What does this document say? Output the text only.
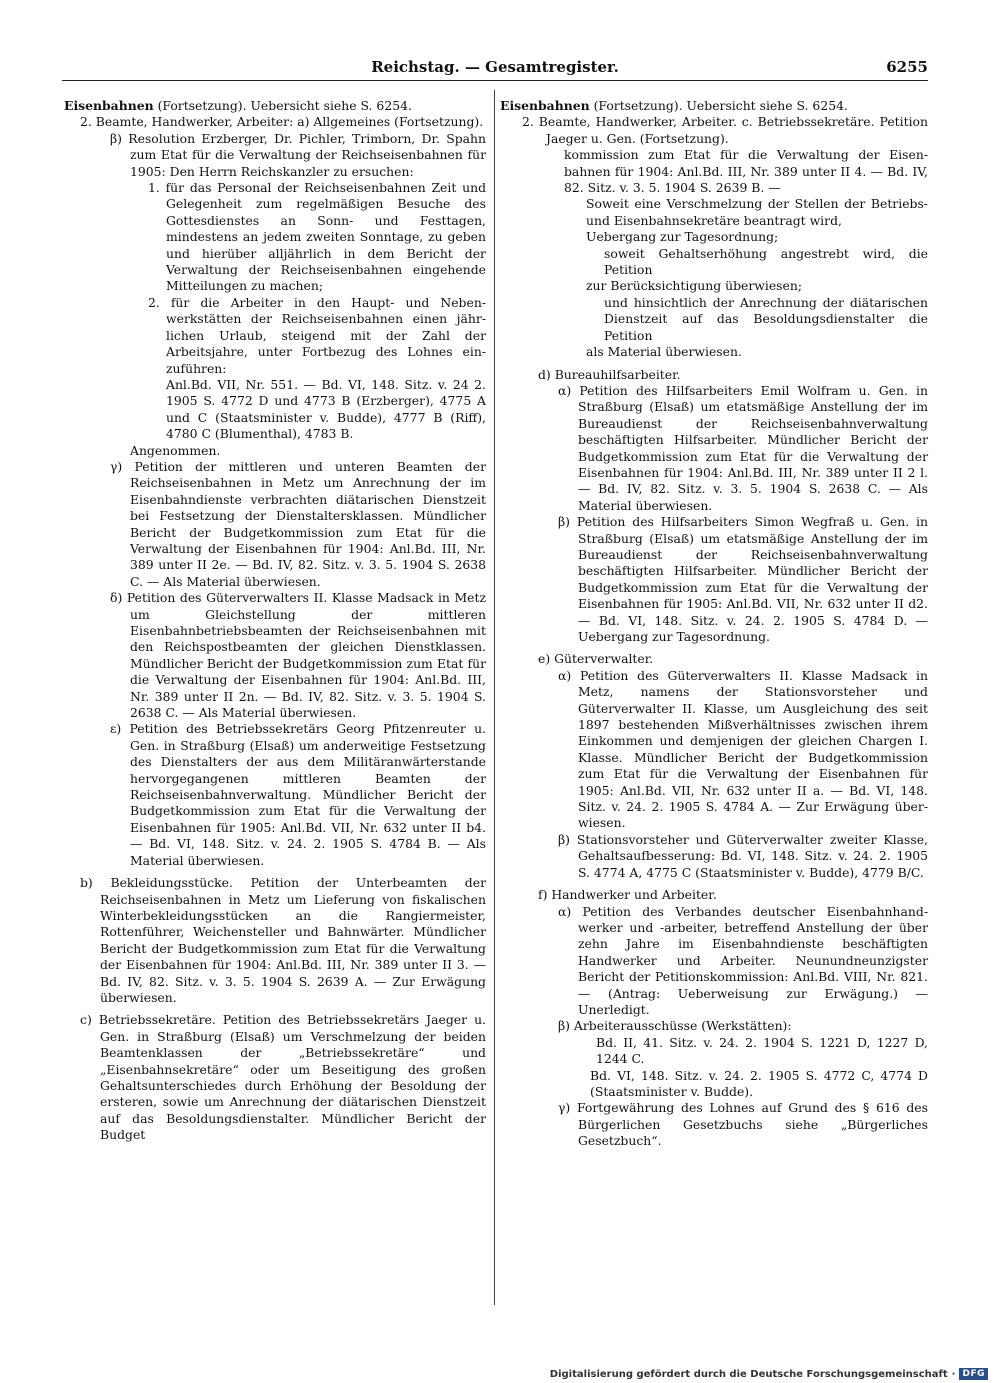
Reichstag. — Gesamtregister.	6255

Eisenbahnen (Fortsetzung). Uebersicht siehe S. 6254.

2. Beamte, Handwerker, Arbeiter: a) Allgemeines (Fortsetzung).

β) Resolution Erzberger, Dr. Pichler, Trimborn, Dr. Spahn zum Etat für die Verwaltung der Reichseisenbahnen für 1905: Den Herrn Reichskanzler zu ersuchen:

1. für das Personal der Reichseisenbahnen Zeit und Gelegenheit zum regelmäßigen Besuche des Gottesdienstes an Sonn- und Festtagen, mindestens an jedem zweiten Sonntage, zu geben und hierüber alljährlich in dem Bericht der Verwaltung der Reichseisenbahnen eingehende Mitteilungen zu machen;

2. für die Arbeiter in den Haupt- und Nebenwerkstätten der Reichseisenbahnen einen jährlichen Urlaub, steigend mit der Zahl der Arbeitsjahre, unter Fortbezug des Lohnes einzuführen:

Anl.Bd. VII, Nr. 551. — Bd. VI, 148. Sitz. v. 24 2. 1905 S. 4772 D und 4773 B (Erzberger), 4775 A und C (Staatsminister v. Budde), 4777 B (Riff), 4780 C (Blumenthal), 4783 B.

Angenommen.

γ) Petition der mittleren und unteren Beamten der Reichseisenbahnen in Metz um Anrechnung der im Eisenbahndienste verbrachten diätarischen Dienstzeit bei Festsetzung der Dienstaltersklassen. Mündlicher Bericht der Budgetkommission zum Etat für die Verwaltung der Eisenbahnen für 1904: Anl.Bd. III, Nr. 389 unter II 2e. — Bd. IV, 82. Sitz. v. 3. 5. 1904 S. 2638 C. — Als Material überwiesen.

δ) Petition des Güterverwalters II. Klasse Madsack in Metz um Gleichstellung der mittleren Eisenbahnbetriebsbeamten der Reichseisenbahnen mit den Reichspostbeamten der gleichen Dienstklassen. Mündlicher Bericht der Budgetkommission zum Etat für die Verwaltung der Eisenbahnen für 1904: Anl.Bd. III, Nr. 389 unter II 2n. — Bd. IV, 82. Sitz. v. 3. 5. 1904 S. 2638 C. — Als Material überwiesen.

ε) Petition des Betriebssekretärs Georg Pfitzenreuter u. Gen. in Straßburg (Elsaß) um anderweitige Festsetzung des Dienstalters der aus dem Militäranwärterstande hervorgegangenen mittleren Beamten der Reichseisenbahnverwaltung. Mündlicher Bericht der Budgetkommission zum Etat für die Verwaltung der Eisenbahnen für 1905: Anl.Bd. VII, Nr. 632 unter II b4. — Bd. VI, 148. Sitz. v. 24. 2. 1905 S. 4784 B. — Als Material überwiesen.

b) Bekleidungsstücke. Petition der Unterbeamten der Reichseisenbahnen in Metz um Lieferung von fiskalischen Winterbekleidungsstücken an die Rangiermeister, Rottenführer, Weichensteller und Bahnwärter. Mündlicher Bericht der Budgetkommission zum Etat für die Verwaltung der Eisenbahnen für 1904: Anl.Bd. III, Nr. 389 unter II 3. — Bd. IV, 82. Sitz. v. 3. 5. 1904 S. 2639 A. — Zur Erwägung überwiesen.

c) Betriebssekretäre. Petition des Betriebssekretärs Jaeger u. Gen. in Straßburg (Elsaß) um Verschmelzung der beiden Beamtenklassen der „Betriebssekretäre“ und „Eisenbahnsekretäre“ oder um Beseitigung des großen Gehaltsunterschiedes durch Erhöhung der Besoldung der ersteren, sowie um Anrechnung der diätarischen Dienstzeit auf das Besoldungsdienstalter. Mündlicher Bericht der Budget

Eisenbahnen (Fortsetzung). Uebersicht siehe S. 6254.

2. Beamte, Handwerker, Arbeiter. c. Betriebssekretäre. Petition Jaeger u. Gen. (Fortsetzung).

kommission zum Etat für die Verwaltung der Eisenbahnen für 1904: Anl.Bd. III, Nr. 389 unter II 4. — Bd. IV, 82. Sitz. v. 3. 5. 1904 S. 2639 B. —

Soweit eine Verschmelzung der Stellen der Betriebs- und Eisenbahnsekretäre beantragt wird,

Uebergang zur Tagesordnung;

soweit Gehaltserhöhung angestrebt wird, die Petition

zur Berücksichtigung überwiesen;

und hinsichtlich der Anrechnung der diätarischen Dienstzeit auf das Besoldungsdienstalter die Petition

als Material überwiesen.

d) Bureauhilfsarbeiter.

α) Petition des Hilfsarbeiters Emil Wolfram u. Gen. in Straßburg (Elsaß) um etatsmäßige Anstellung der im Bureaudienst der Reichseisenbahnverwaltung beschäftigten Hilfsarbeiter. Mündlicher Bericht der Budgetkommission zum Etat für die Verwaltung der Eisenbahnen für 1904: Anl.Bd. III, Nr. 389 unter II 2 l. — Bd. IV, 82. Sitz. v. 3. 5. 1904 S. 2638 C. — Als Material überwiesen.

β) Petition des Hilfsarbeiters Simon Wegfraß u. Gen. in Straßburg (Elsaß) um etatsmäßige Anstellung der im Bureaudienst der Reichseisenbahnverwaltung beschäftigten Hilfsarbeiter. Mündlicher Bericht der Budgetkommission zum Etat für die Verwaltung der Eisenbahnen für 1905: Anl.Bd. VII, Nr. 632 unter II d2. — Bd. VI, 148. Sitz. v. 24. 2. 1905 S. 4784 D. — Uebergang zur Tagesordnung.

e) Güterverwalter.

α) Petition des Güterverwalters II. Klasse Madsack in Metz, namens der Stationsvorsteher und Güterverwalter II. Klasse, um Ausgleichung des seit 1897 bestehenden Mißverhältnisses zwischen ihrem Einkommen und demjenigen der gleichen Chargen I. Klasse. Mündlicher Bericht der Budgetkommission zum Etat für die Verwaltung der Eisenbahnen für 1905: Anl.Bd. VII, Nr. 632 unter II a. — Bd. VI, 148. Sitz. v. 24. 2. 1905 S. 4784 A. — Zur Erwägung überwiesen.

β) Stationsvorsteher und Güterverwalter zweiter Klasse, Gehaltsaufbesserung: Bd. VI, 148. Sitz. v. 24. 2. 1905 S. 4774 A, 4775 C (Staatsminister v. Budde), 4779 B/C.

f) Handwerker und Arbeiter.

α) Petition des Verbandes deutscher Eisenbahnhandwerker und -arbeiter, betreffend Anstellung der über zehn Jahre im Eisenbahndienste beschäftigten Handwerker und Arbeiter. Neunundneunzigster Bericht der Petitionskommission: Anl.Bd. VIII, Nr. 821. — (Antrag: Ueberweisung zur Erwägung.) — Unerledigt.

β) Arbeiterausschüsse (Werkstätten):

Bd. II, 41. Sitz. v. 24. 2. 1904 S. 1221 D, 1227 D, 1244 C.

Bd. VI, 148. Sitz. v. 24. 2. 1905 S. 4772 C, 4774 D (Staatsminister v. Budde).

γ) Fortgewährung des Lohnes auf Grund des § 616 des Bürgerlichen Gesetzbuchs siehe „Bürgerliches Gesetzbuch“.

Digitalisierung gefördert durch die Deutsche Forschungsgemeinschaft · DFG
